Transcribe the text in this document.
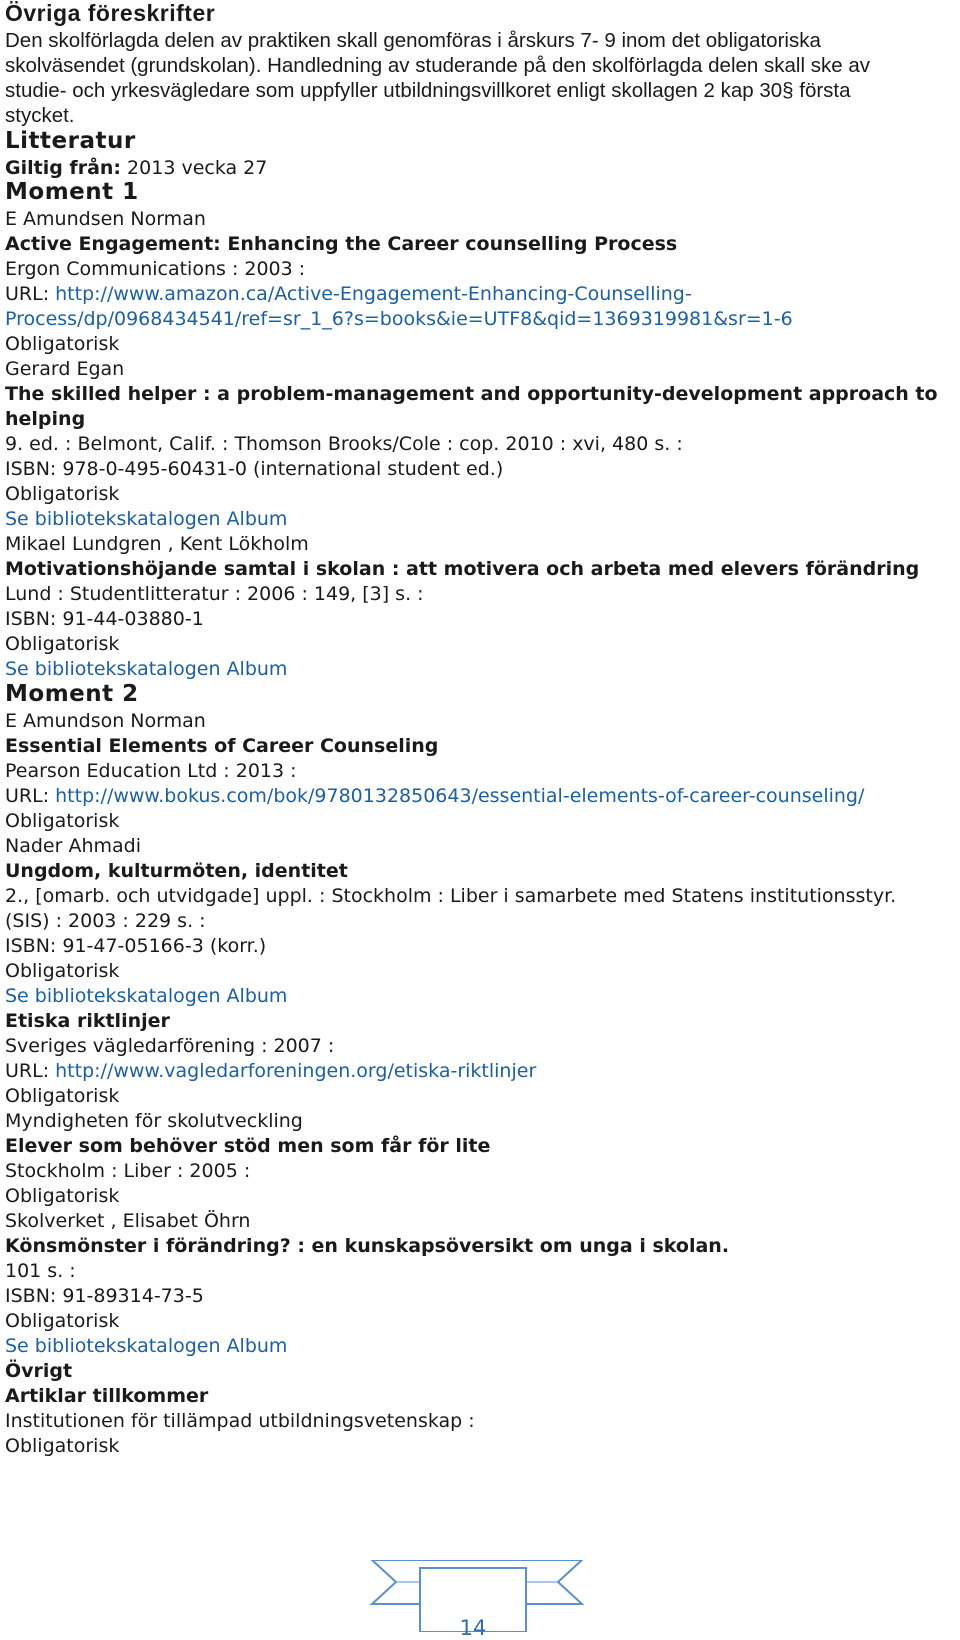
Övriga föreskrifter
Den skolförlagda delen av praktiken skall genomföras i årskurs 7- 9 inom det obligatoriska
skolväsendet (grundskolan). Handledning av studerande på den skolförlagda delen skall ske av
studie- och yrkesvägledare som uppfyller utbildningsvillkoret enligt skollagen 2 kap 30§ första
stycket.
Litteratur
Giltig från: 2013 vecka 27
Moment 1
E Amundsen Norman
Active Engagement: Enhancing the Career counselling Process
Ergon Communications : 2003 :
URL: http://www.amazon.ca/Active-Engagement-Enhancing-Counselling-
Process/dp/0968434541/ref=sr_1_6?s=books&ie=UTF8&qid=1369319981&sr=1-6
Obligatorisk
Gerard Egan
The skilled helper : a problem-management and opportunity-development approach to
helping
9. ed. : Belmont, Calif. : Thomson Brooks/Cole : cop. 2010 : xvi, 480 s. :
ISBN: 978-0-495-60431-0 (international student ed.)
Obligatorisk
Se bibliotekskatalogen Album
Mikael Lundgren , Kent Lökholm
Motivationshöjande samtal i skolan : att motivera och arbeta med elevers förändring
Lund : Studentlitteratur : 2006 : 149, [3] s. :
ISBN: 91-44-03880-1
Obligatorisk
Se bibliotekskatalogen Album
Moment 2
E Amundson Norman
Essential Elements of Career Counseling
Pearson Education Ltd : 2013 :
URL: http://www.bokus.com/bok/9780132850643/essential-elements-of-career-counseling/
Obligatorisk
Nader Ahmadi
Ungdom, kulturmöten, identitet
2., [omarb. och utvidgade] uppl. : Stockholm : Liber i samarbete med Statens institutionsstyr.
(SIS) : 2003 : 229 s. :
ISBN: 91-47-05166-3 (korr.)
Obligatorisk
Se bibliotekskatalogen Album
Etiska riktlinjer
Sveriges vägledarförening : 2007 :
URL: http://www.vagledarforeningen.org/etiska-riktlinjer
Obligatorisk
Myndigheten för skolutveckling
Elever som behöver stöd men som får för lite
Stockholm : Liber : 2005 :
Obligatorisk
Skolverket , Elisabet Öhrn
Könsmönster i förändring? : en kunskapsöversikt om unga i skolan.
101 s. :
ISBN: 91-89314-73-5
Obligatorisk
Se bibliotekskatalogen Album
Övrigt
Artiklar tillkommer
Institutionen för tillämpad utbildningsvetenskap :
Obligatorisk
14
